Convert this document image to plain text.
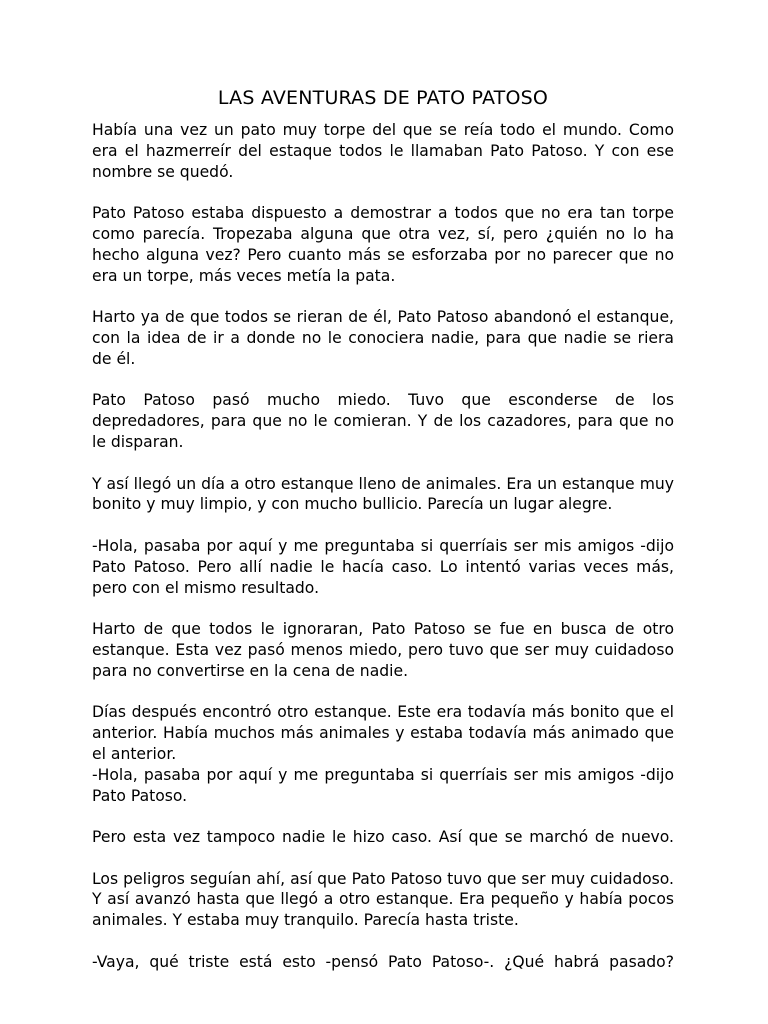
LAS AVENTURAS DE PATO PATOSO

Había una vez un pato muy torpe del que se reía todo el mundo. Como era el hazmerreír del estaque todos le llamaban Pato Patoso. Y con ese nombre se quedó.

Pato Patoso estaba dispuesto a demostrar a todos que no era tan torpe como parecía. Tropezaba alguna que otra vez, sí, pero ¿quién no lo ha hecho alguna vez? Pero cuanto más se esforzaba por no parecer que no era un torpe, más veces metía la pata.

Harto ya de que todos se rieran de él, Pato Patoso abandonó el estanque, con la idea de ir a donde no le conociera nadie, para que nadie se riera de él.

Pato Patoso pasó mucho miedo. Tuvo que esconderse de los depredadores, para que no le comieran. Y de los cazadores, para que no le disparan.

Y así llegó un día a otro estanque lleno de animales. Era un estanque muy bonito y muy limpio, y con mucho bullicio. Parecía un lugar alegre.

-Hola, pasaba por aquí y me preguntaba si querríais ser mis amigos -dijo Pato Patoso. Pero allí nadie le hacía caso. Lo intentó varias veces más, pero con el mismo resultado.

Harto de que todos le ignoraran, Pato Patoso se fue en busca de otro estanque. Esta vez pasó menos miedo, pero tuvo que ser muy cuidadoso para no convertirse en la cena de nadie.

Días después encontró otro estanque. Este era todavía más bonito que el anterior. Había muchos más animales y estaba todavía más animado que el anterior.

-Hola, pasaba por aquí y me preguntaba si querríais ser mis amigos -dijo Pato Patoso.

Pero esta vez tampoco nadie le hizo caso. Así que se marchó de nuevo.

Los peligros seguían ahí, así que Pato Patoso tuvo que ser muy cuidadoso. Y así avanzó hasta que llegó a otro estanque. Era pequeño y había pocos animales. Y estaba muy tranquilo. Parecía hasta triste.

-Vaya, qué triste está esto -pensó Pato Patoso-. ¿Qué habrá pasado?
